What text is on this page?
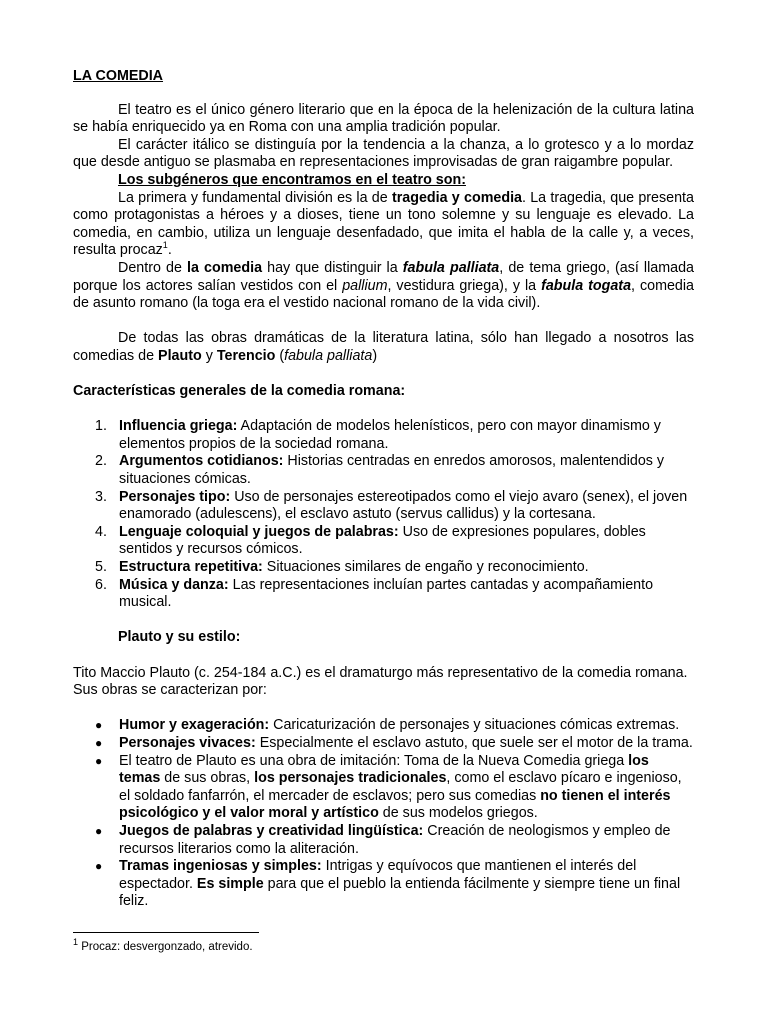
LA COMEDIA

El teatro es el único género literario que en la época de la helenización de la cultura latina se había enriquecido ya en Roma con una amplia tradición popular.

El carácter itálico se distinguía por la tendencia a la chanza, a lo grotesco y a lo mordaz que desde antiguo se plasmaba en representaciones improvisadas de gran raigambre popular.

Los subgéneros que encontramos en el teatro son:

La primera y fundamental división es la de tragedia y comedia. La tragedia, que presenta como protagonistas a héroes y a dioses, tiene un tono solemne y su lenguaje es elevado. La comedia, en cambio, utiliza un lenguaje desenfadado, que imita el habla de la calle y, a veces, resulta procaz$^1$.

Dentro de la comedia hay que distinguir la fabula palliata, de tema griego, (así llamada porque los actores salían vestidos con el pallium, vestidura griega), y la fabula togata, comedia de asunto romano (la toga era el vestido nacional romano de la vida civil).

De todas las obras dramáticas de la literatura latina, sólo han llegado a nosotros las comedias de Plauto y Terencio (fabula palliata)

Características generales de la comedia romana:

1. Influencia griega: Adaptación de modelos helenísticos, pero con mayor dinamismo y elementos propios de la sociedad romana.
2. Argumentos cotidianos: Historias centradas en enredos amorosos, malentendidos y situaciones cómicas.
3. Personajes tipo: Uso de personajes estereotipados como el viejo avaro (senex), el joven enamorado (adulescens), el esclavo astuto (servus callidus) y la cortesana.
4. Lenguaje coloquial y juegos de palabras: Uso de expresiones populares, dobles sentidos y recursos cómicos.
5. Estructura repetitiva: Situaciones similares de engaño y reconocimiento.
6. Música y danza: Las representaciones incluían partes cantadas y acompañamiento musical.

Plauto y su estilo:

Tito Maccio Plauto (c. 254-184 a.C.) es el dramaturgo más representativo de la comedia romana. Sus obras se caracterizan por:

● Humor y exageración: Caricaturización de personajes y situaciones cómicas extremas.
● Personajes vivaces: Especialmente el esclavo astuto, que suele ser el motor de la trama.
● El teatro de Plauto es una obra de imitación: Toma de la Nueva Comedia griega los temas de sus obras, los personajes tradicionales, como el esclavo pícaro e ingenioso, el soldado fanfarrón, el mercader de esclavos; pero sus comedias no tienen el interés psicológico y el valor moral y artístico de sus modelos griegos.
● Juegos de palabras y creatividad lingüística: Creación de neologismos y empleo de recursos literarios como la aliteración.
● Tramas ingeniosas y simples: Intrigas y equívocos que mantienen el interés del espectador. Es simple para que el pueblo la entienda fácilmente y siempre tiene un final feliz.

$^1$ Procaz: desvergonzado, atrevido.
